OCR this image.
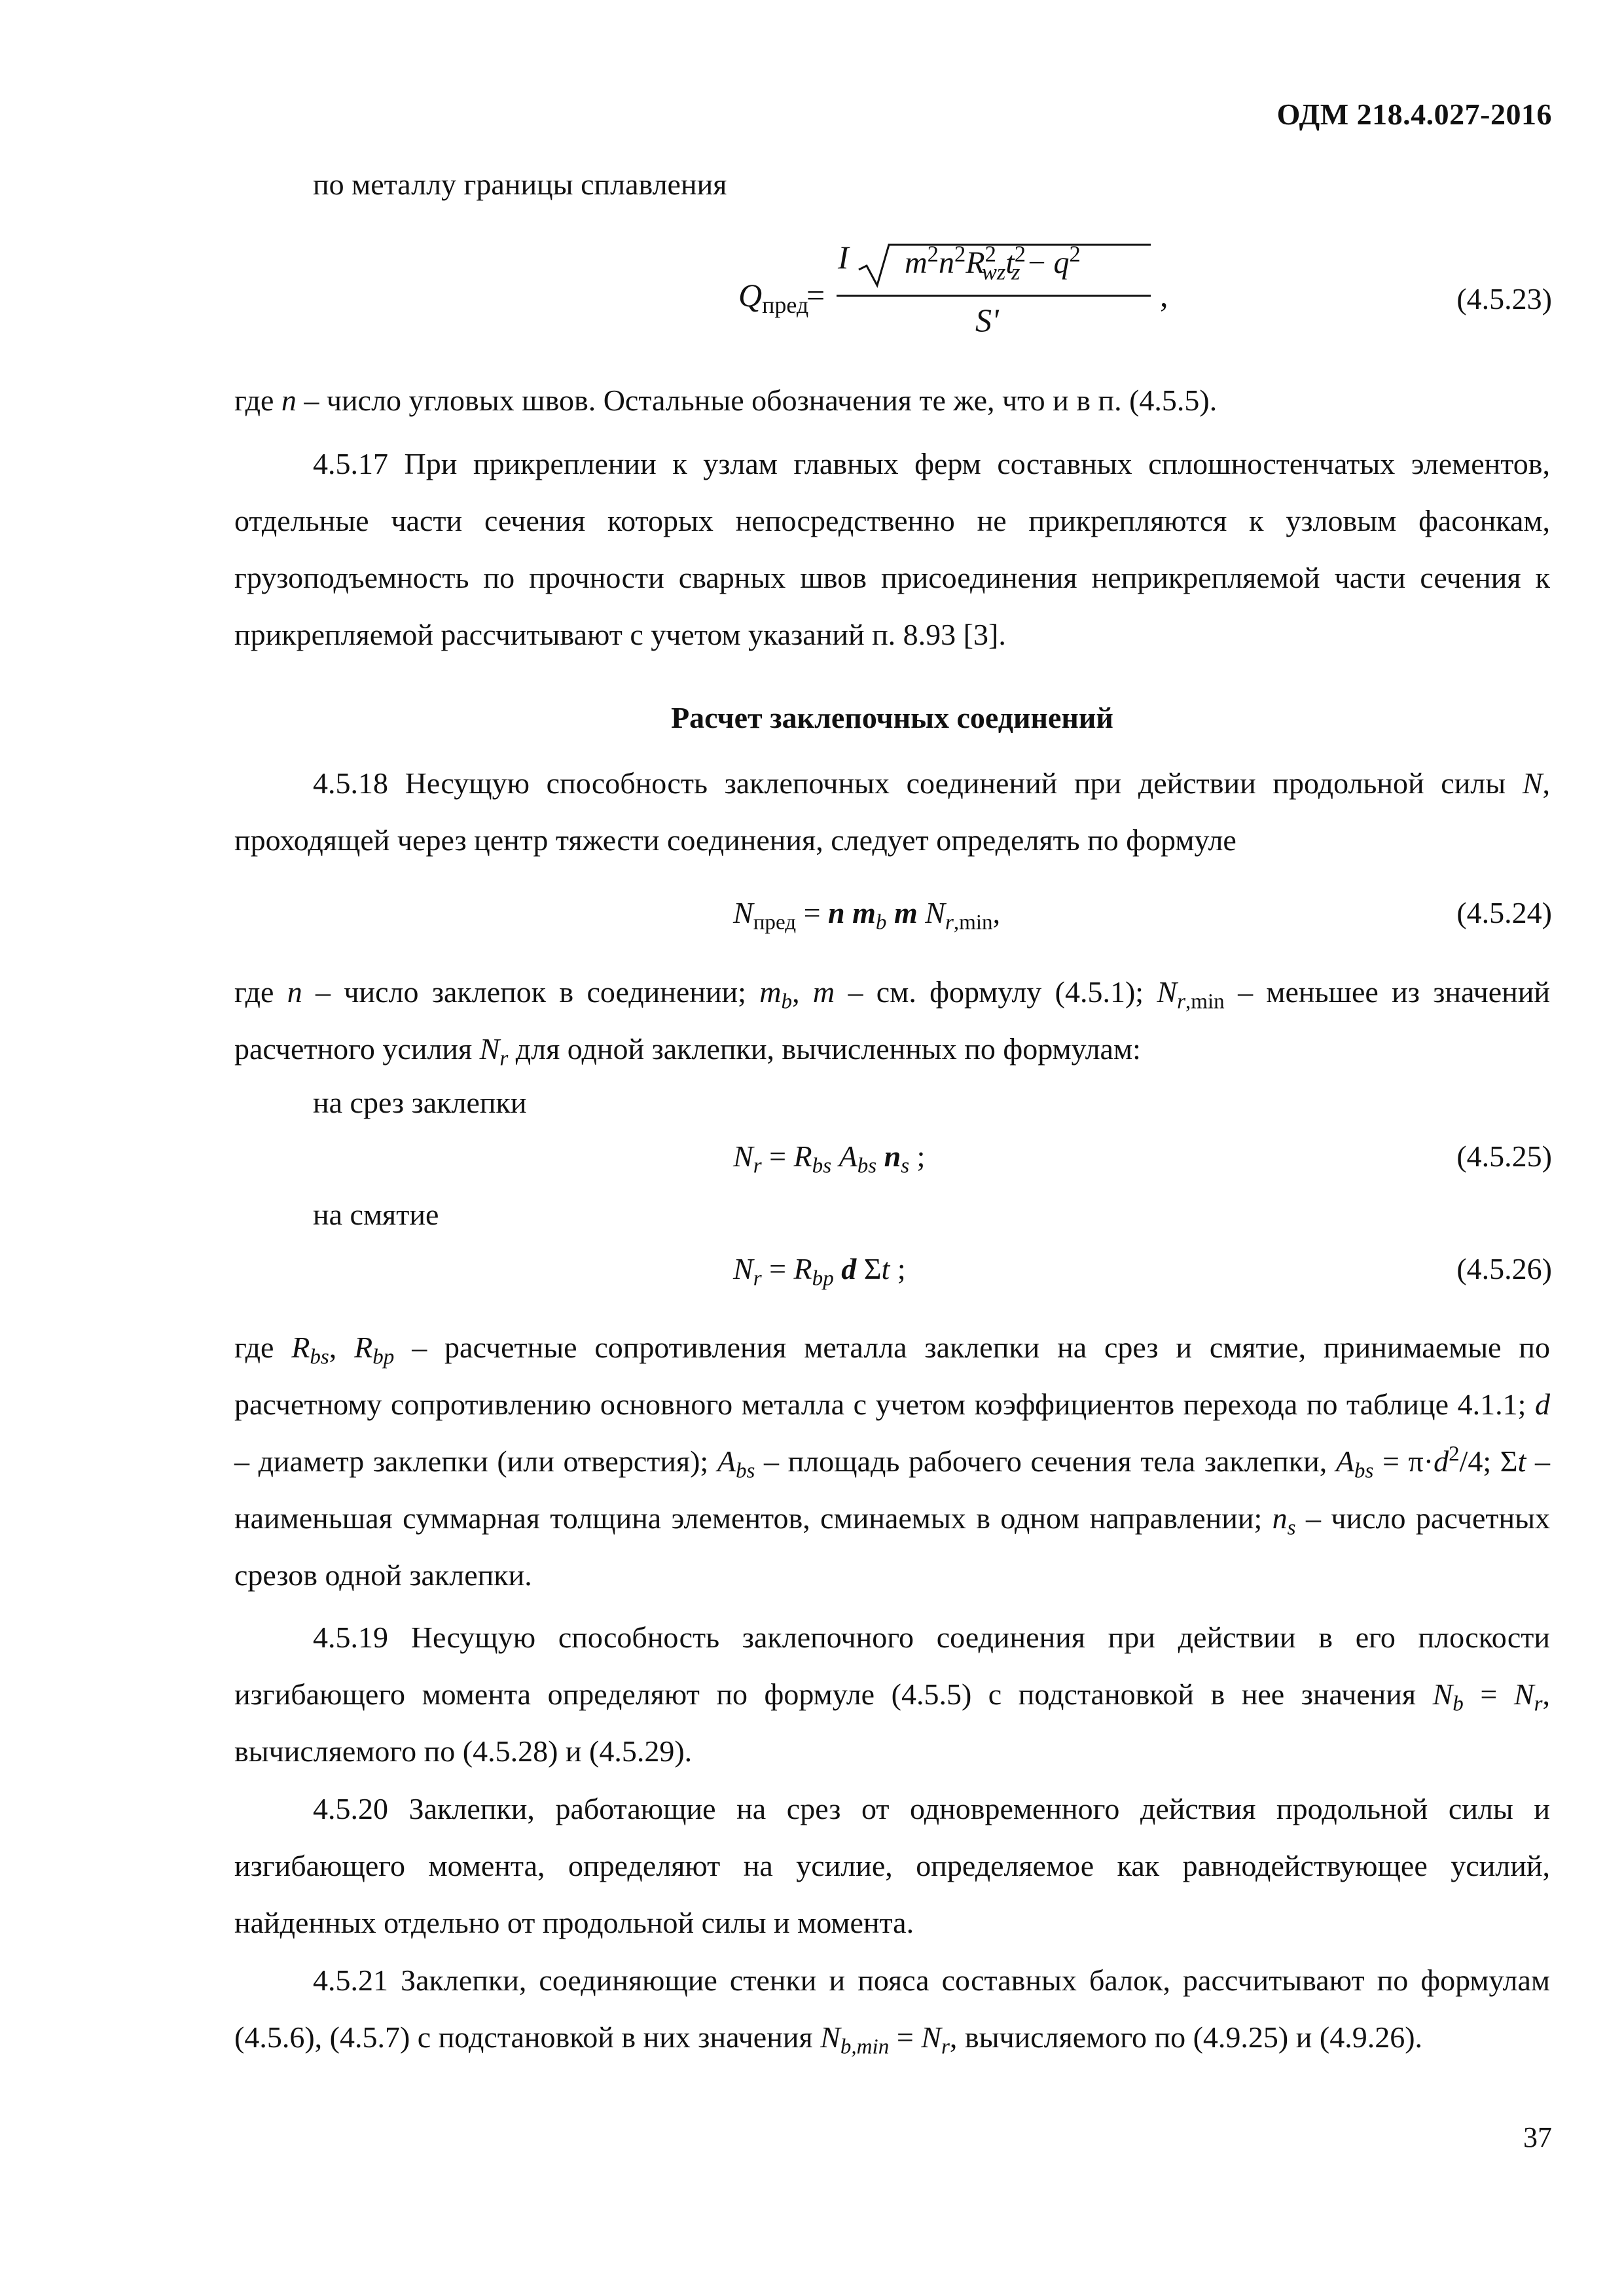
ОДМ 218.4.027-2016
по металлу границы сплавления
$Q_{пред}$
=
I $m^2n^2R^2_{wz}t^2_z - q^2$
S'
,	(4.5.23)
где n – число угловых швов. Остальные обозначения те же, что и в п. (4.5.5).
4.5.17 При прикреплении к узлам главных ферм составных сплошностенчатых элементов, отдельные части сечения которых непосредственно не прикрепляются к узловым фасонкам, грузоподъемность по прочности сварных швов присоединения неприкрепляемой части сечения к прикрепляемой рассчитывают с учетом указаний п. 8.93 [3].
Расчет заклепочных соединений
4.5.18 Несущую способность заклепочных соединений при действии продольной силы N, проходящей через центр тяжести соединения, следует определять по формуле
$N_{пред} = n$ $m_b$ m $N_{r,min}$,	(4.5.24)
где n – число заклепок в соединении; $m_b$, m – см. формулу (4.5.1); $N_{r,min}$ – меньшее из значений расчетного усилия $N_r$ для одной заклепки, вычисленных по формулам:
на срез заклепки
$N_r = R_{bs}$ $A_{bs}$ $n_s$ ;	(4.5.25)
на смятие
$N_r = R_{bp}$ d Σt ;	(4.5.26)
где $R_{bs}$, $R_{bp}$ – расчетные сопротивления металла заклепки на срез и смятие, принимаемые по расчетному сопротивлению основного металла с учетом коэффициентов перехода по таблице 4.1.1; d – диаметр заклепки (или отверстия); $A_{bs}$ – площадь рабочего сечения тела заклепки, $A_{bs} = \pi\cdot d^2/4$; Σt – наименьшая суммарная толщина элементов, сминаемых в одном направлении; $n_s$ – число расчетных срезов одной заклепки.
4.5.19 Несущую способность заклепочного соединения при действии в его плоскости изгибающего момента определяют по формуле (4.5.5) с подстановкой в нее значения $N_b = N_r$, вычисляемого по (4.5.28) и (4.5.29).
4.5.20 Заклепки, работающие на срез от одновременного действия продольной силы и изгибающего момента, определяют на усилие, определяемое как равнодействующее усилий, найденных отдельно от продольной силы и момента.
4.5.21 Заклепки, соединяющие стенки и пояса составных балок, рассчитывают по формулам (4.5.6), (4.5.7) с подстановкой в них значения $N_{b,min} = N_r$, вычисляемого по (4.9.25) и (4.9.26).
37
